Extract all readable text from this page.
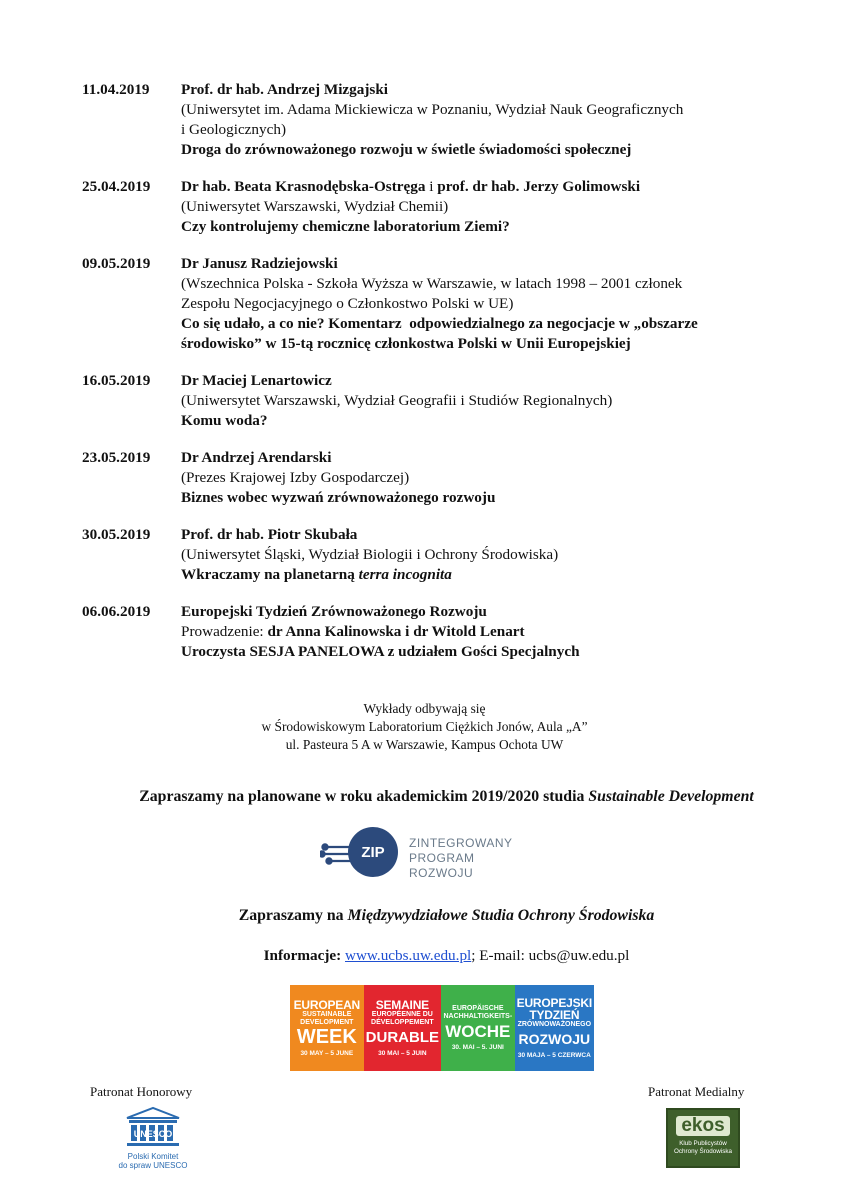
11.04.2019	Prof. dr hab. Andrzej Mizgajski
(Uniwersytet im. Adama Mickiewicza w Poznaniu, Wydział Nauk Geograficznych
i Geologicznych)
Droga do zrównoważonego rozwoju w świetle świadomości społecznej
25.04.2019	Dr hab. Beata Krasnodębska-Ostręga i prof. dr hab. Jerzy Golimowski
(Uniwersytet Warszawski, Wydział Chemii)
Czy kontrolujemy chemiczne laboratorium Ziemi?
09.05.2019	Dr Janusz Radziejowski
(Wszechnica Polska - Szkoła Wyższa w Warszawie, w latach 1998 – 2001 członek
Zespołu Negocjacyjnego o Członkostwo Polski w UE)
Co się udało, a co nie? Komentarz  odpowiedzialnego za negocjacje w „obszarze
środowisko” w 15-tą rocznicę członkostwa Polski w Unii Europejskiej
16.05.2019	Dr Maciej Lenartowicz
(Uniwersytet Warszawski, Wydział Geografii i Studiów Regionalnych)
Komu woda?
23.05.2019	Dr Andrzej Arendarski
(Prezes Krajowej Izby Gospodarczej)
Biznes wobec wyzwań zrównoważonego rozwoju
30.05.2019	Prof. dr hab. Piotr Skubała
(Uniwersytet Śląski, Wydział Biologii i Ochrony Środowiska)
Wkraczamy na planetarną terra incognita
06.06.2019	Europejski Tydzień Zrównoważonego Rozwoju
Prowadzenie: dr Anna Kalinowska i dr Witold Lenart
Uroczysta SESJA PANELOWA z udziałem Gości Specjalnych
Wykłady odbywają się
w Środowiskowym Laboratorium Ciężkich Jonów, Aula „A”
ul. Pasteura 5 A w Warszawie, Kampus Ochota UW
Zapraszamy na planowane w roku akademickim 2019/2020 studia Sustainable Development
ZIP
ZINTEGROWANY
PROGRAM ROZWOJU
Zapraszamy na Międzywydziałowe Studia Ochrony Środowiska
Informacje: www.ucbs.uw.edu.pl; E-mail: ucbs@uw.edu.pl
EUROPEAN
SUSTAINABLE DEVELOPMENT
WEEK
30 MAY – 5 JUNE
SEMAINE
EUROPÉENNE DU DÉVELOPPEMENT
DURABLE
30 MAI – 5 JUIN
EUROPÄISCHE
NACHHALTIGKEITS-
WOCHE
30. MAI – 5. JUNI
EUROPEJSKI TYDZIEŃ
ZRÓWNOWAŻONEGO
ROZWOJU
30 MAJA – 5 CZERWCA
Patronat Honorowy	Patronat Medialny
UNESCO
Polski Komitet
do spraw UNESCO
ekos
Klub Publicystów
Ochrony Środowiska
